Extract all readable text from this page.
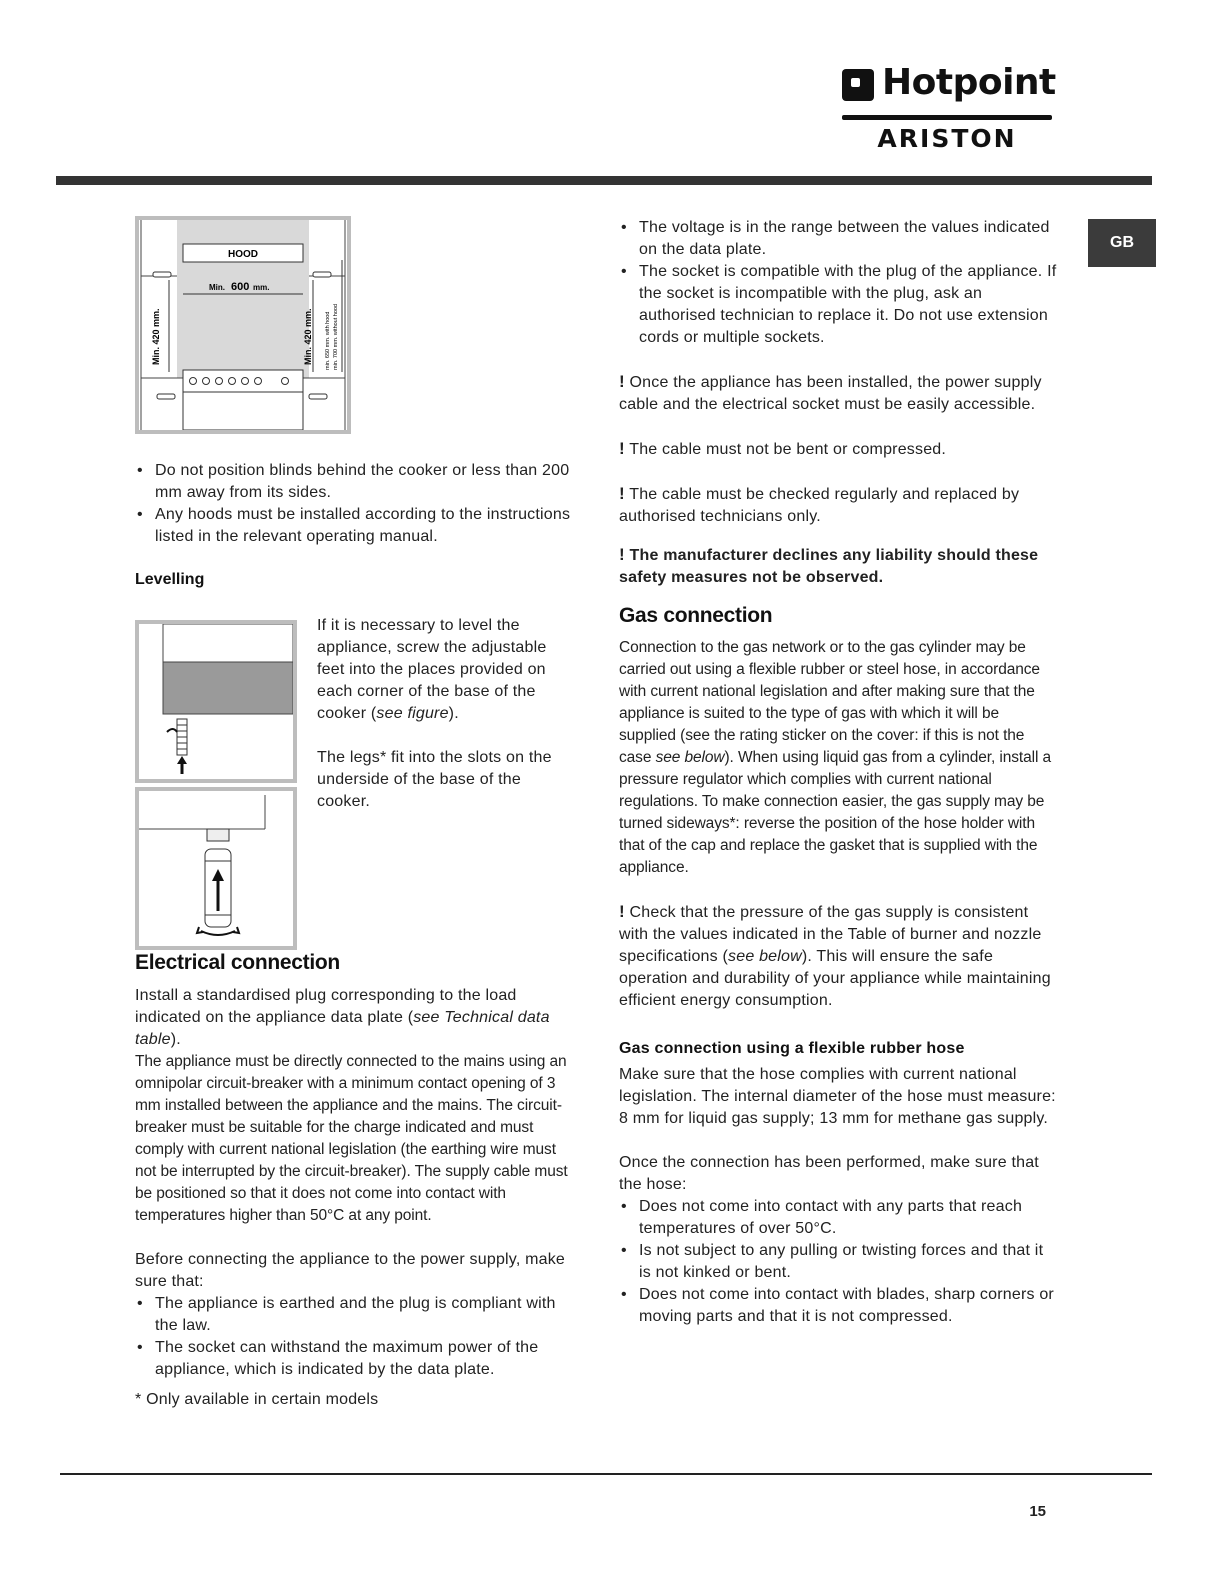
Hotpoint
ARISTON
GB
HOOD
Min. 600 mm.
Min. 420 mm.	Min. 420 mm. min. 650 mm. with hood min. 700 mm. without hood
• Do not position blinds behind the cooker or less than 200 mm away from its sides.
• Any hoods must be installed according to the instructions listed in the relevant operating manual.
Levelling

If it is necessary to level the appliance, screw the adjustable feet into the places provided on each corner of the base of the cooker (see figure).

The legs* fit into the slots on the underside of the base of the cooker.

Electrical connection

Install a standardised plug corresponding to the load indicated on the appliance data plate (see Technical data table).

The appliance must be directly connected to the mains using an omnipolar circuit-breaker with a minimum contact opening of 3 mm installed between the appliance and the mains. The circuit-breaker must be suitable for the charge indicated and must comply with current national legislation (the earthing wire must not be interrupted by the circuit-breaker). The supply cable must be positioned so that it does not come into contact with temperatures higher than 50°C at any point.

Before connecting the appliance to the power supply, make sure that:

• The appliance is earthed and the plug is compliant with the law.
• The socket can withstand the maximum power of the appliance, which is indicated by the data plate.

* Only available in certain models

• The voltage is in the range between the values indicated on the data plate.
• The socket is compatible with the plug of the appliance. If the socket is incompatible with the plug, ask an authorised technician to replace it. Do not use extension cords or multiple sockets.

! Once the appliance has been installed, the power supply cable and the electrical socket must be easily accessible.

! The cable must not be bent or compressed.

! The cable must be checked regularly and replaced by authorised technicians only.

! The manufacturer declines any liability should these safety measures not be observed.

Gas connection

Connection to the gas network or to the gas cylinder may be carried out using a flexible rubber or steel hose, in accordance with current national legislation and after making sure that the appliance is suited to the type of gas with which it will be supplied (see the rating sticker on the cover: if this is not the case see below). When using liquid gas from a cylinder, install a pressure regulator which complies with current national regulations. To make connection easier, the gas supply may be turned sideways*: reverse the position of the hose holder with that of the cap and replace the gasket that is supplied with the appliance.

! Check that the pressure of the gas supply is consistent with the values indicated in the Table of burner and nozzle specifications (see below). This will ensure the safe operation and durability of your appliance while maintaining efficient energy consumption.

Gas connection using a flexible rubber hose

Make sure that the hose complies with current national legislation. The internal diameter of the hose must measure: 8 mm for liquid gas supply; 13 mm for methane gas supply.

Once the connection has been performed, make sure that the hose:

• Does not come into contact with any parts that reach temperatures of over 50°C.
• Is not subject to any pulling or twisting forces and that it is not kinked or bent.
• Does not come into contact with blades, sharp corners or moving parts and that it is not compressed.
15
